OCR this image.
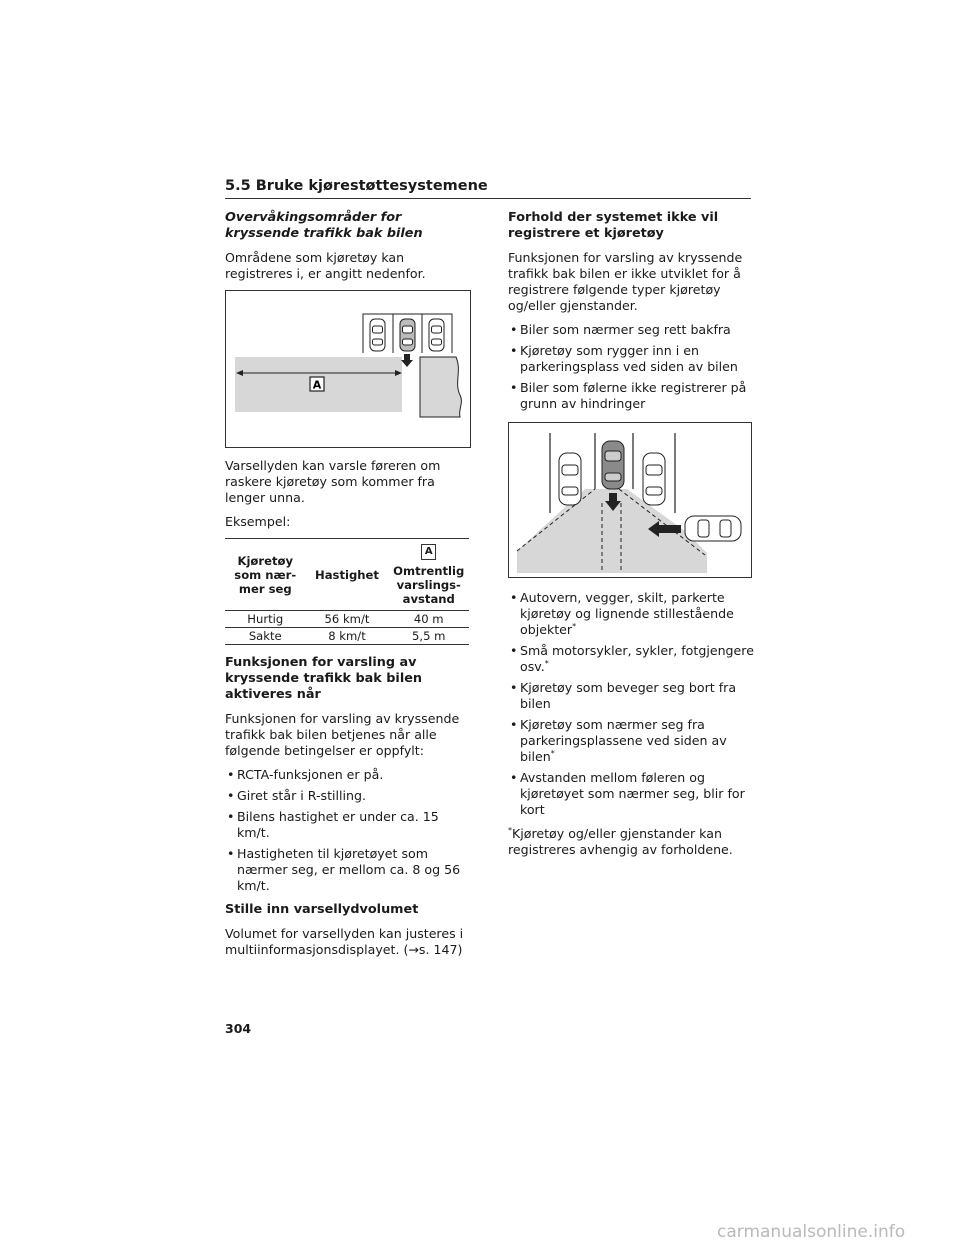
5.5 Bruke kjørestøttesystemene
Overvåkingsområder for kryssende trafikk bak bilen

Områdene som kjøretøy kan registreres i, er angitt nedenfor.

A

Varsellyden kan varsle føreren om raskere kjøretøy som kommer fra lenger unna.

Eksempel:

Kjøretøy som nær-mer seg	Hastighet	A
Omtrentlig varslings-avstand
Hurtig	56 km/t	40 m
Sakte	8 km/t	5,5 m
Funksjonen for varsling av kryssende trafikk bak bilen aktiveres når

Funksjonen for varsling av kryssende trafikk bak bilen betjenes når alle følgende betingelser er oppfylt:

• RCTA-funksjonen er på.
• Giret står i R-stilling.
• Bilens hastighet er under ca. 15 km/t.
• Hastigheten til kjøretøyet som nærmer seg, er mellom ca. 8 og 56 km/t.
Stille inn varsellydvolumet

Volumet for varsellyden kan justeres i multiinformasjonsdisplayet. (→s. 147)

Forhold der systemet ikke vil registrere et kjøretøy

Funksjonen for varsling av kryssende trafikk bak bilen er ikke utviklet for å registrere følgende typer kjøretøy og/eller gjenstander.

• Biler som nærmer seg rett bakfra
• Kjøretøy som rygger inn i en parkeringsplass ved siden av bilen
• Biler som følerne ikke registrerer på grunn av hindringer
• Autovern, vegger, skilt, parkerte kjøretøy og lignende stillestående objekter*
• Små motorsykler, sykler, fotgjengere osv.*
• Kjøretøy som beveger seg bort fra bilen
• Kjøretøy som nærmer seg fra parkeringsplassene ved siden av bilen*
• Avstanden mellom føleren og kjøretøyet som nærmer seg, blir for kort

*Kjøretøy og/eller gjenstander kan registreres avhengig av forholdene.

304
carmanualsonline.info
